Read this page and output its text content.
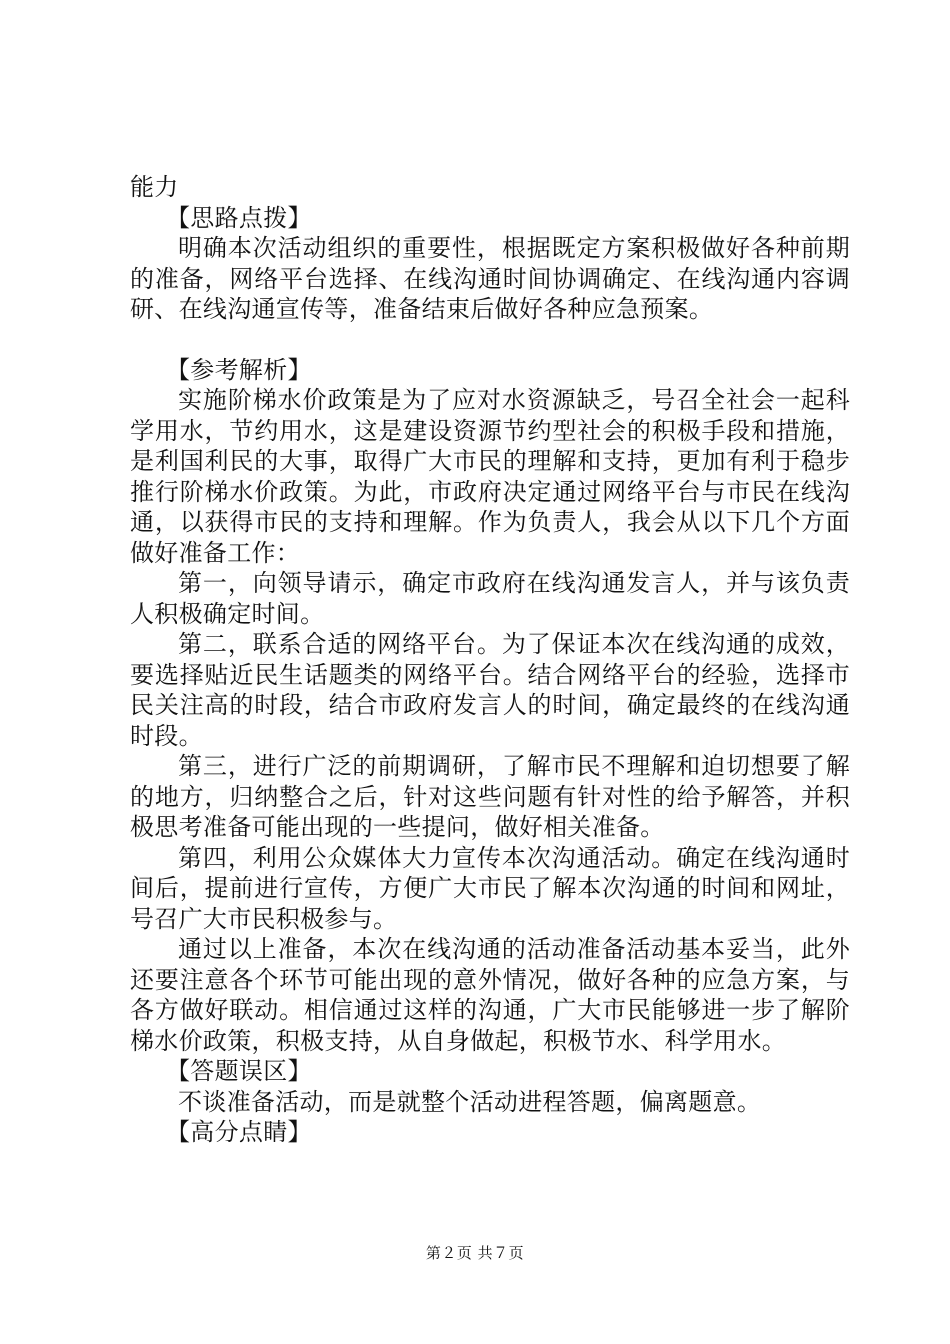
能力

【思路点拨】

明确本次活动组织的重要性，根据既定方案积极做好各种前期的准备，网络平台选择、在线沟通时间协调确定、在线沟通内容调研、在线沟通宣传等，准备结束后做好各种应急预案。

【参考解析】

实施阶梯水价政策是为了应对水资源缺乏，号召全社会一起科学用水，节约用水，这是建设资源节约型社会的积极手段和措施，是利国利民的大事，取得广大市民的理解和支持，更加有利于稳步推行阶梯水价政策。为此，市政府决定通过网络平台与市民在线沟通，以获得市民的支持和理解。作为负责人，我会从以下几个方面做好准备工作：

第一，向领导请示，确定市政府在线沟通发言人，并与该负责人积极确定时间。

第二，联系合适的网络平台。为了保证本次在线沟通的成效，要选择贴近民生话题类的网络平台。结合网络平台的经验，选择市民关注高的时段，结合市政府发言人的时间，确定最终的在线沟通时段。

第三，进行广泛的前期调研，了解市民不理解和迫切想要了解的地方，归纳整合之后，针对这些问题有针对性的给予解答，并积极思考准备可能出现的一些提问，做好相关准备。

第四，利用公众媒体大力宣传本次沟通活动。确定在线沟通时间后，提前进行宣传，方便广大市民了解本次沟通的时间和网址，号召广大市民积极参与。

通过以上准备，本次在线沟通的活动准备活动基本妥当，此外还要注意各个环节可能出现的意外情况，做好各种的应急方案，与各方做好联动。相信通过这样的沟通，广大市民能够进一步了解阶梯水价政策，积极支持，从自身做起，积极节水、科学用水。

【答题误区】

不谈准备活动，而是就整个活动进程答题，偏离题意。

【高分点睛】

第２页 共７页
